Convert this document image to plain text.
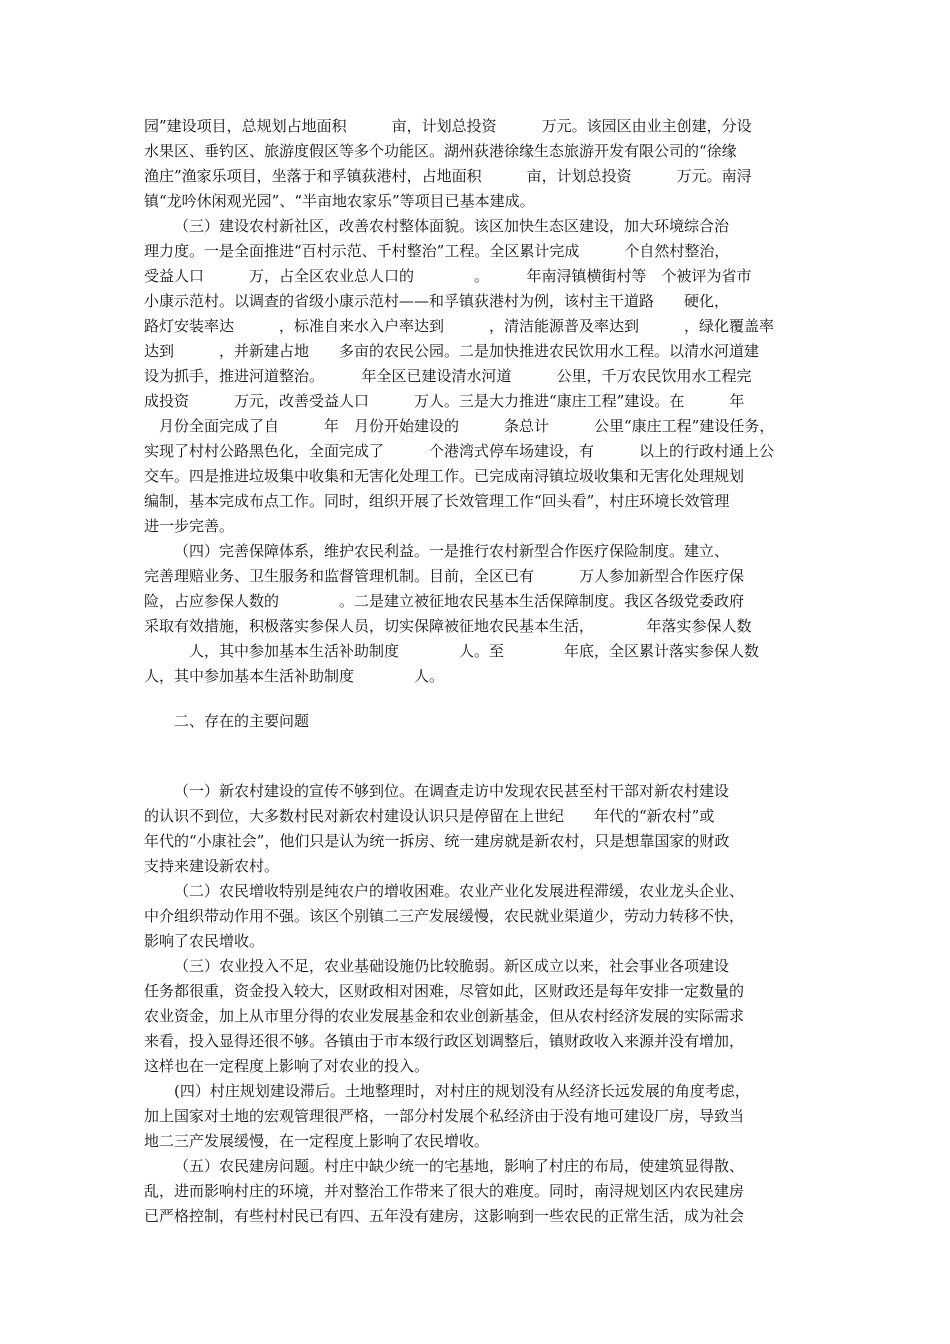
园”建设项目，总规划占地面积　　　亩，计划总投资　　　万元。该园区由业主创建，分设
水果区、垂钓区、旅游度假区等多个功能区。湖州荻港徐缘生态旅游开发有限公司的“徐缘
渔庄”渔家乐项目，坐落于和孚镇荻港村，占地面积　　　亩，计划总投资　　　万元。南浔
镇“龙吟休闲观光园”、“半亩地农家乐”等项目已基本建成。
（三）建设农村新社区，改善农村整体面貌。该区加快生态区建设，加大环境综合治
理力度。一是全面推进“百村示范、千村整治”工程。全区累计完成　　　个自然村整治，
受益人口　　　万，占全区农业总人口的　　　　。　　　年南浔镇横街村等　个被评为省市
小康示范村。以调查的省级小康示范村——和孚镇荻港村为例，该村主干道路　　硬化，
路灯安装率达　　　，标准自来水入户率达到　　　，清洁能源普及率达到　　　，绿化覆盖率
达到　　　，并新建占地　　多亩的农民公园。二是加快推进农民饮用水工程。以清水河道建
设为抓手，推进河道整治。　　　年全区已建设清水河道　　　公里，千万农民饮用水工程完
成投资　　　万元，改善受益人口　　　万人。三是大力推进“康庄工程”建设。在　　　年
　月份全面完成了自　　　年　月份开始建设的　　　条总计　　　公里“康庄工程”建设任务，
实现了村村公路黑色化，全面完成了　　　个港湾式停车场建设，有　　　以上的行政村通上公
交车。四是推进垃圾集中收集和无害化处理工作。已完成南浔镇垃圾收集和无害化处理规划
编制，基本完成布点工作。同时，组织开展了长效管理工作“回头看”，村庄环境长效管理
进一步完善。
（四）完善保障体系，维护农民利益。一是推行农村新型合作医疗保险制度。建立、
完善理赔业务、卫生服务和监督管理机制。目前，全区已有　　　万人参加新型合作医疗保
险，占应参保人数的　　　　。二是建立被征地农民基本生活保障制度。我区各级党委政府
采取有效措施，积极落实参保人员，切实保障被征地农民基本生活，　　　　年落实参保人数
　　　人，其中参加基本生活补助制度　　　　人。至　　　　年底，全区累计落实参保人数
人，其中参加基本生活补助制度　　　　人。
二、存在的主要问题
（一）新农村建设的宣传不够到位。在调查走访中发现农民甚至村干部对新农村建设
的认识不到位，大多数村民对新农村建设认识只是停留在上世纪　　年代的“新农村”或
年代的“小康社会”，他们只是认为统一拆房、统一建房就是新农村，只是想靠国家的财政
支持来建设新农村。
（二）农民增收特别是纯农户的增收困难。农业产业化发展进程滞缓，农业龙头企业、
中介组织带动作用不强。该区个别镇二三产发展缓慢，农民就业渠道少，劳动力转移不快，
影响了农民增收。
（三）农业投入不足，农业基础设施仍比较脆弱。新区成立以来，社会事业各项建设
任务都很重，资金投入较大，区财政相对困难，尽管如此，区财政还是每年安排一定数量的
农业资金，加上从市里分得的农业发展基金和农业创新基金，但从农村经济发展的实际需求
来看，投入显得还很不够。各镇由于市本级行政区划调整后，镇财政收入来源并没有增加，
这样也在一定程度上影响了对农业的投入。
(四）村庄规划建设滞后。土地整理时，对村庄的规划没有从经济长远发展的角度考虑，
加上国家对土地的宏观管理很严格，一部分村发展个私经济由于没有地可建设厂房，导致当
地二三产发展缓慢，在一定程度上影响了农民增收。
（五）农民建房问题。村庄中缺少统一的宅基地，影响了村庄的布局，使建筑显得散、
乱，进而影响村庄的环境，并对整治工作带来了很大的难度。同时，南浔规划区内农民建房
已严格控制，有些村村民已有四、五年没有建房，这影响到一些农民的正常生活，成为社会
